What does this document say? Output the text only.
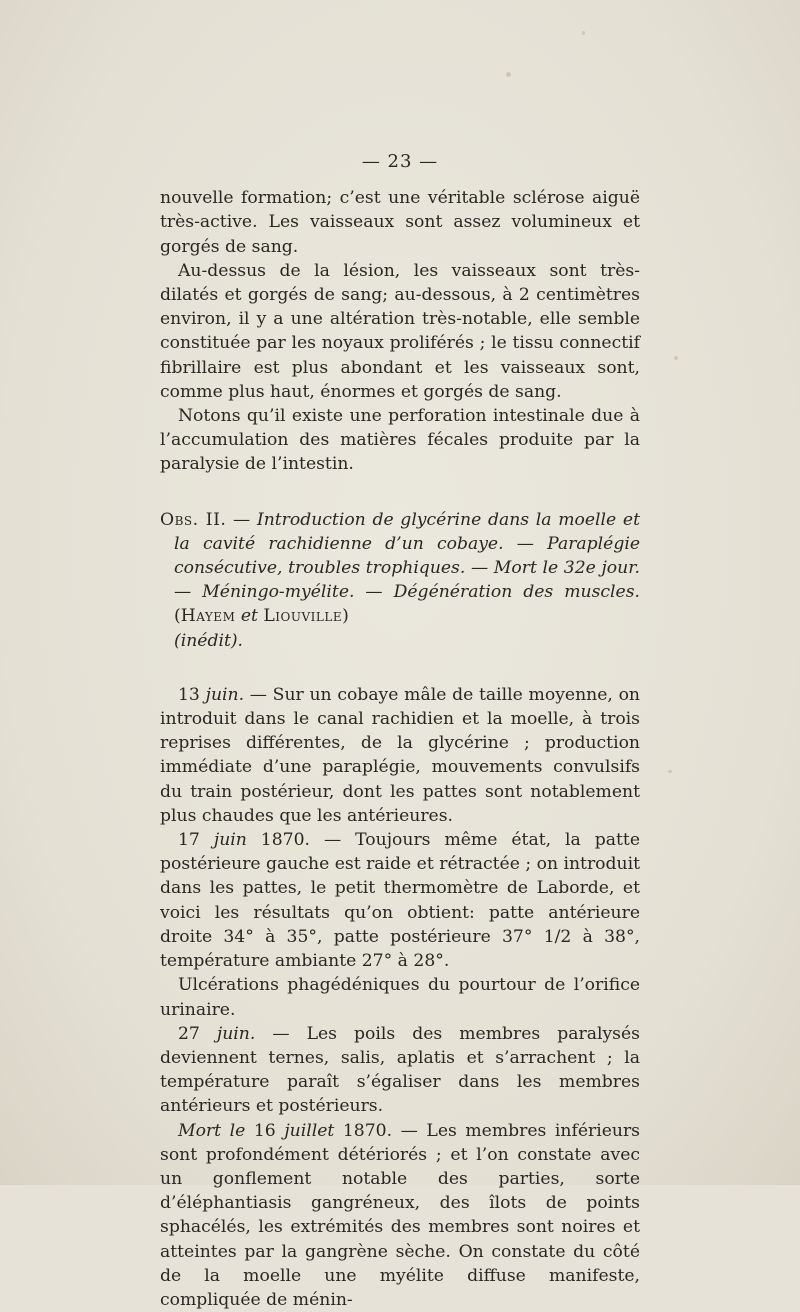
— 23 —

nouvelle formation; c’est une véritable sclérose aiguë très-active. Les vaisseaux sont assez volumineux et gorgés de sang.

Au-dessus de la lésion, les vaisseaux sont très-dilatés et gorgés de sang; au-dessous, à 2 centimètres environ, il y a une altération très-notable, elle semble constituée par les noyaux proliférés ; le tissu connectif fibrillaire est plus abondant et les vaisseaux sont, comme plus haut, énormes et gorgés de sang.

Notons qu’il existe une perforation intestinale due à l’accumulation des matières fécales produite par la paralysie de l’intestin.

Obs. II. — Introduction de glycérine dans la moelle et la cavité rachidienne d’un cobaye. — Paraplégie consécutive, troubles trophiques. — Mort le 32e jour. — Méningo-myélite. — Dégénération des muscles. (Hayem et Liouville)
(inédit).

13 juin. — Sur un cobaye mâle de taille moyenne, on introduit dans le canal rachidien et la moelle, à trois reprises différentes, de la glycérine ; production immédiate d’une paraplégie, mouvements convulsifs du train postérieur, dont les pattes sont notablement plus chaudes que les antérieures.

17 juin 1870. — Toujours même état, la patte postérieure gauche est raide et rétractée ; on introduit dans les pattes, le petit thermomètre de Laborde, et voici les résultats qu’on obtient: patte antérieure droite 34° à 35°, patte postérieure 37° 1/2 à 38°, température ambiante 27° à 28°.

Ulcérations phagédéniques du pourtour de l’orifice urinaire.

27 juin. — Les poils des membres paralysés deviennent ternes, salis, aplatis et s’arrachent ; la température paraît s’égaliser dans les membres antérieurs et postérieurs.

Mort le 16 juillet 1870. — Les membres inférieurs sont profondément détériorés ; et l’on constate avec un gonflement notable des parties, sorte d’éléphantiasis gangréneux, des îlots de points sphacélés, les extrémités des membres sont noires et atteintes par la gangrène sèche. On constate du côté de la moelle une myélite diffuse manifeste, compliquée de ménin-
